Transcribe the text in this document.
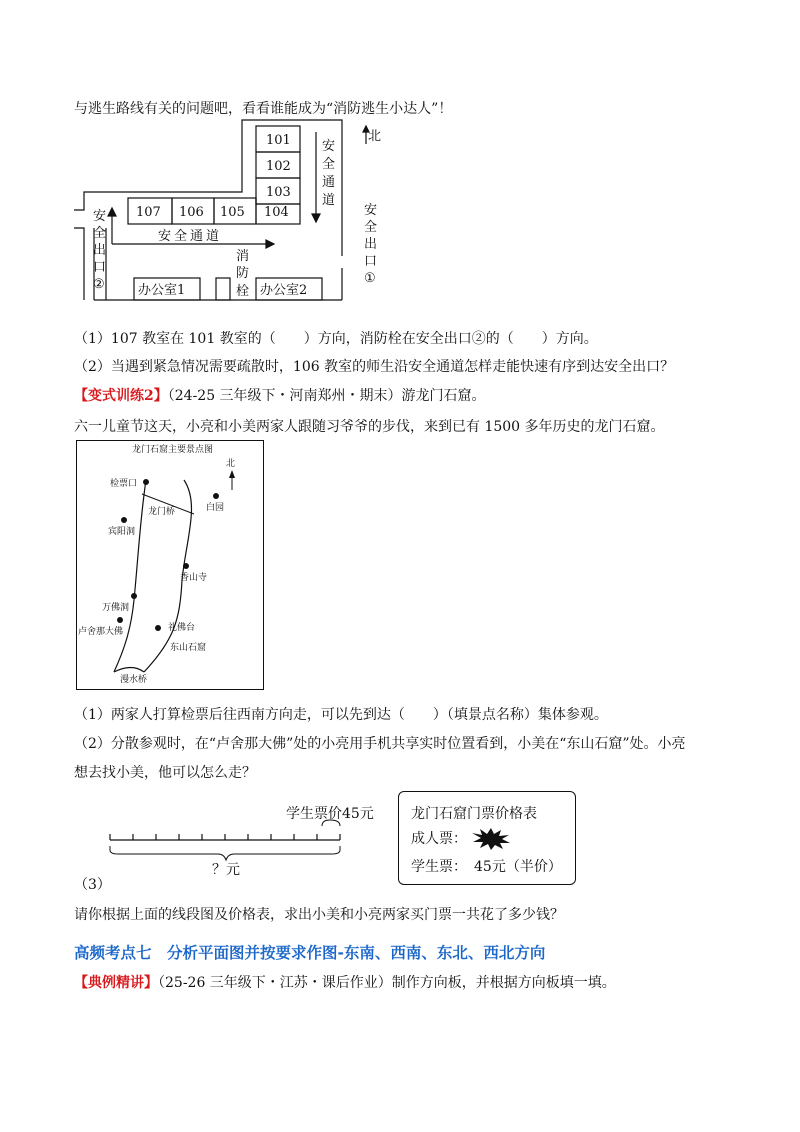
与逃生路线有关的问题吧，看看谁能成为“消防逃生小达人”！
101
102
103
107 106 105 104
北
安全通道
安
全
通
道
安
全
出
口
①
安
全
出
口
②
消
防
栓
办公室1	办公室2
（1）107 教室在 101 教室的（　　）方向，消防栓在安全出口②的（　　）方向。
（2）当遇到紧急情况需要疏散时，106 教室的师生沿安全通道怎样走能快速有序到达安全出口？
【变式训练2】（24-25 三年级下・河南郑州・期末）游龙门石窟。
六一儿童节这天，小亮和小美两家人跟随习爷爷的步伐，来到已有 1500 多年历史的龙门石窟。
龙门石窟主要景点图
北
检票口
白园
龙门桥
宾阳洞
香山寺
万佛洞
卢舍那大佛	礼佛台
东山石窟
漫水桥
（1）两家人打算检票后往西南方向走，可以先到达（　　）（填景点名称）集体参观。
（2）分散参观时，在“卢舍那大佛”处的小亮用手机共享实时位置看到，小美在“东山石窟”处。小亮
想去找小美，他可以怎么走？
学生票价45元
？元
（3）
龙门石窟门票价格表
成人票：
学生票：　45元（半价）
请你根据上面的线段图及价格表，求出小美和小亮两家买门票一共花了多少钱？
高频考点七　分析平面图并按要求作图-东南、西南、东北、西北方向
【典例精讲】（25-26 三年级下・江苏・课后作业）制作方向板，并根据方向板填一填。
